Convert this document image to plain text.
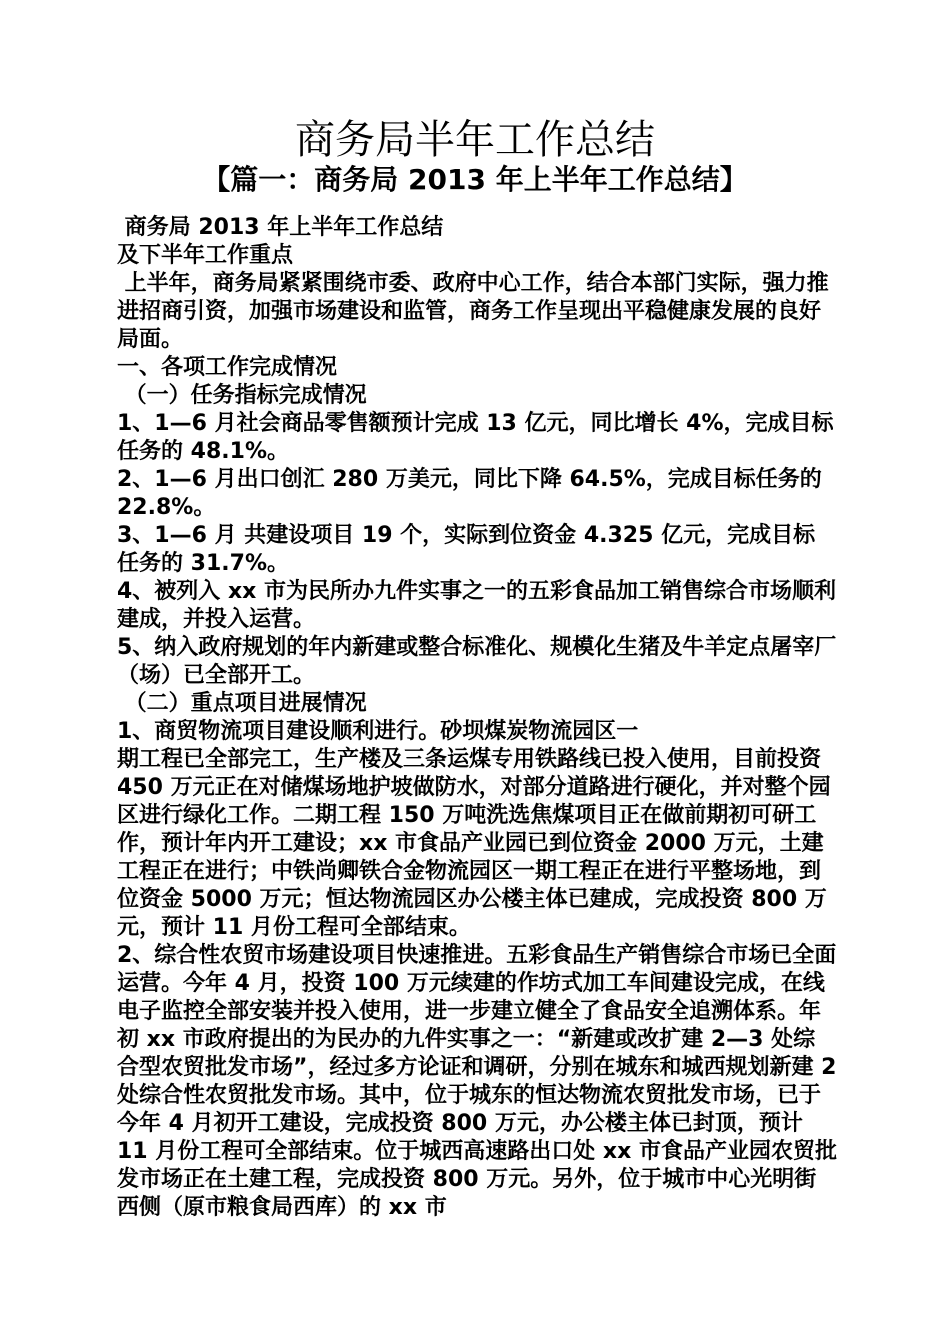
商务局半年工作总结
【篇一：商务局 2013 年上半年工作总结】

商务局 2013 年上半年工作总结

及下半年工作重点

上半年，商务局紧紧围绕市委、政府中心工作，结合本部门实际，强力推进招商引资，加强市场建设和监管，商务工作呈现出平稳健康发展的良好局面。

一、各项工作完成情况

（一）任务指标完成情况

1、1—6 月社会商品零售额预计完成 13 亿元，同比增长 4%，完成目标任务的 48.1%。

2、1—6 月出口创汇 280 万美元，同比下降 64.5%，完成目标任务的 22.8%。

3、1—6 月 共建设项目 19 个，实际到位资金 4.325 亿元，完成目标任务的 31.7%。

4、被列入 xx 市为民所办九件实事之一的五彩食品加工销售综合市场顺利建成，并投入运营。

5、纳入政府规划的年内新建或整合标准化、规模化生猪及牛羊定点屠宰厂（场）已全部开工。

（二）重点项目进展情况

1、商贸物流项目建设顺利进行。砂坝煤炭物流园区一

期工程已全部完工，生产楼及三条运煤专用铁路线已投入使用，目前投资 450 万元正在对储煤场地护坡做防水，对部分道路进行硬化，并对整个园区进行绿化工作。二期工程 150 万吨洗选焦煤项目正在做前期初可研工作，预计年内开工建设；xx 市食品产业园已到位资金 2000 万元，土建工程正在进行；中铁尚卿铁合金物流园区一期工程正在进行平整场地，到位资金 5000 万元；恒达物流园区办公楼主体已建成，完成投资 800 万元，预计 11 月份工程可全部结束。

2、综合性农贸市场建设项目快速推进。五彩食品生产销售综合市场已全面运营。今年 4 月，投资 100 万元续建的作坊式加工车间建设完成，在线电子监控全部安装并投入使用，进一步建立健全了食品安全追溯体系。年初 xx 市政府提出的为民办的九件实事之一：“新建或改扩建 2—3 处综合型农贸批发市场”，经过多方论证和调研，分别在城东和城西规划新建 2 处综合性农贸批发市场。其中，位于城东的恒达物流农贸批发市场，已于今年 4 月初开工建设，完成投资 800 万元，办公楼主体已封顶，预计 11 月份工程可全部结束。位于城西高速路出口处 xx 市食品产业园农贸批发市场正在土建工程，完成投资 800 万元。另外，位于城市中心光明街西侧（原市粮食局西库）的 xx 市
